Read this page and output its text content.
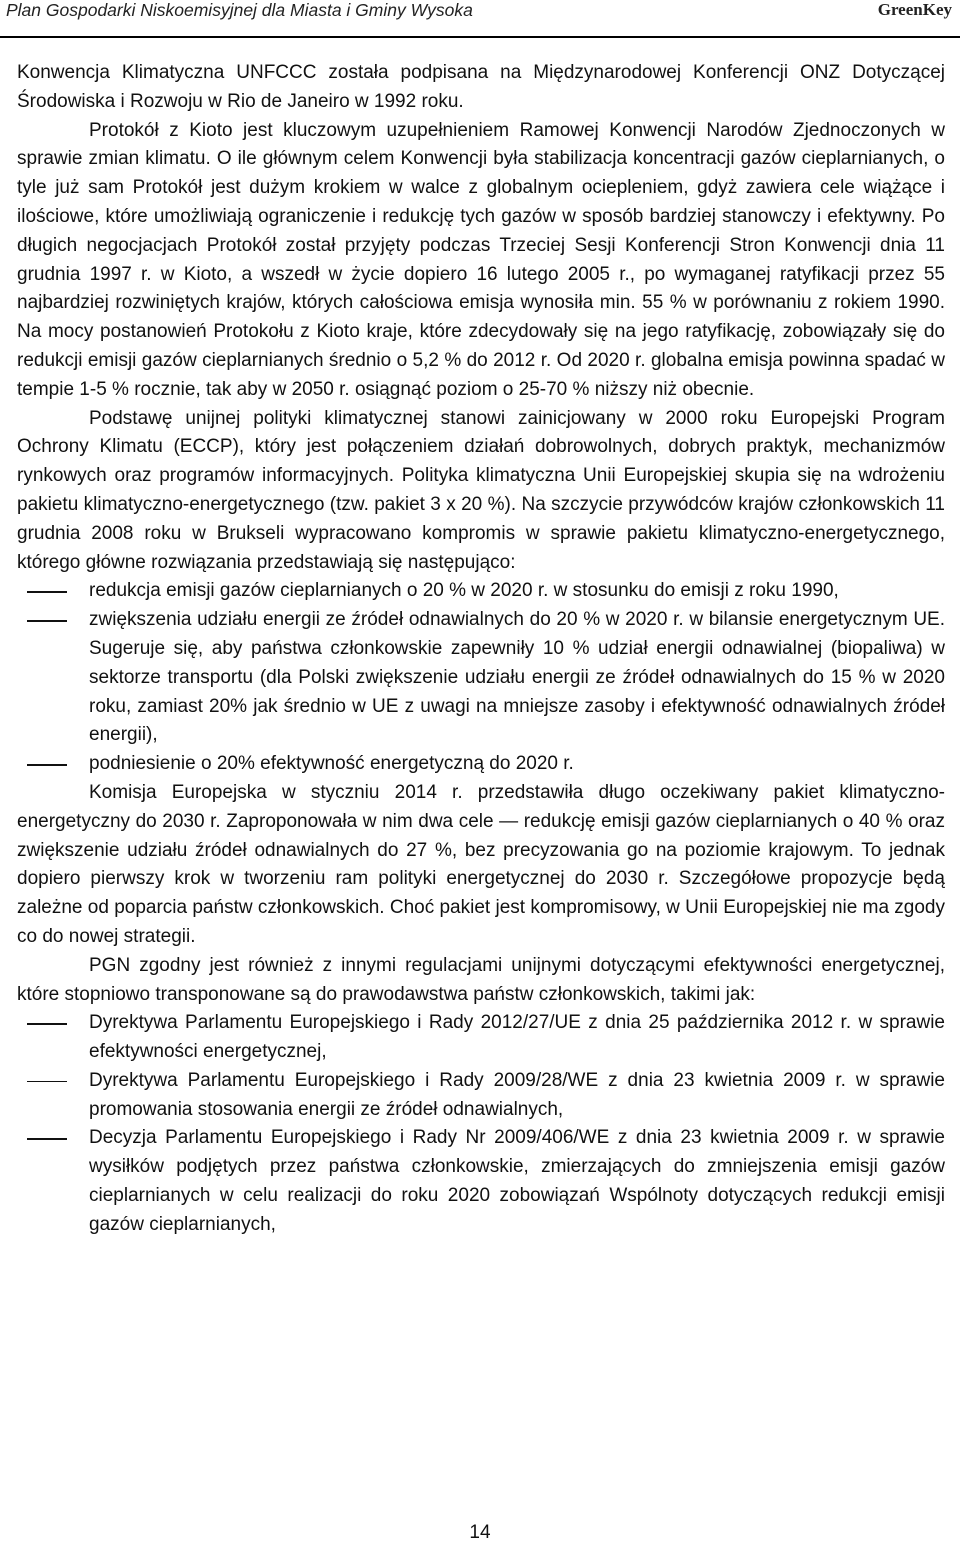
Plan Gospodarki Niskoemisyjnej dla Miasta i Gminy Wysoka	GreenKey

Konwencja Klimatyczna UNFCCC została podpisana na Międzynarodowej Konferencji ONZ Dotyczącej Środowiska i Rozwoju w Rio de Janeiro w 1992 roku.

Protokół z Kioto jest kluczowym uzupełnieniem Ramowej Konwencji Narodów Zjednoczonych w sprawie zmian klimatu. O ile głównym celem Konwencji była stabilizacja koncentracji gazów cieplarnianych, o tyle już sam Protokół jest dużym krokiem w walce z globalnym ociepleniem, gdyż zawiera cele wiążące i ilościowe, które umożliwiają ograniczenie i redukcję tych gazów w sposób bardziej stanowczy i efektywny. Po długich negocjacjach Protokół został przyjęty podczas Trzeciej Sesji Konferencji Stron Konwencji dnia 11 grudnia 1997 r. w Kioto, a wszedł w życie dopiero 16 lutego 2005 r., po wymaganej ratyfikacji przez 55 najbardziej rozwiniętych krajów, których całościowa emisja wynosiła min. 55 % w porównaniu z rokiem 1990. Na mocy postanowień Protokołu z Kioto kraje, które zdecydowały się na jego ratyfikację, zobowiązały się do redukcji emisji gazów cieplarnianych średnio o 5,2 % do 2012 r. Od 2020 r. globalna emisja powinna spadać w tempie 1-5 % rocznie, tak aby w 2050 r. osiągnąć poziom o 25-70 % niższy niż obecnie.

Podstawę unijnej polityki klimatycznej stanowi zainicjowany w 2000 roku Europejski Program Ochrony Klimatu (ECCP), który jest połączeniem działań dobrowolnych, dobrych praktyk, mechanizmów rynkowych oraz programów informacyjnych. Polityka klimatyczna Unii Europejskiej skupia się na wdrożeniu pakietu klimatyczno-energetycznego (tzw. pakiet 3 x 20 %). Na szczycie przywódców krajów członkowskich 11 grudnia 2008 roku w Brukseli wypracowano kompromis w sprawie pakietu klimatyczno-energetycznego, którego główne rozwiązania przedstawiają się następująco:

redukcja emisji gazów cieplarnianych o 20 % w 2020 r. w stosunku do emisji z roku 1990,
zwiększenia udziału energii ze źródeł odnawialnych do 20 % w 2020 r. w bilansie energetycznym UE. Sugeruje się, aby państwa członkowskie zapewniły 10 % udział energii odnawialnej (biopaliwa) w sektorze transportu (dla Polski zwiększenie udziału energii ze źródeł odnawialnych do 15 % w 2020 roku, zamiast 20% jak średnio w UE z uwagi na mniejsze zasoby i efektywność odnawialnych źródeł energii),
podniesienie o 20% efektywność energetyczną do 2020 r.

Komisja Europejska w styczniu 2014 r. przedstawiła długo oczekiwany pakiet klimatyczno-energetyczny do 2030 r. Zaproponowała w nim dwa cele — redukcję emisji gazów cieplarnianych o 40 % oraz zwiększenie udziału źródeł odnawialnych do 27 %, bez precyzowania go na poziomie krajowym. To jednak dopiero pierwszy krok w tworzeniu ram polityki energetycznej do 2030 r. Szczegółowe propozycje będą zależne od poparcia państw członkowskich. Choć pakiet jest kompromisowy, w Unii Europejskiej nie ma zgody co do nowej strategii.

PGN zgodny jest również z innymi regulacjami unijnymi dotyczącymi efektywności energetycznej, które stopniowo transponowane są do prawodawstwa państw członkowskich, takimi jak:

Dyrektywa Parlamentu Europejskiego i Rady 2012/27/UE z dnia 25 października 2012 r. w sprawie efektywności energetycznej,
Dyrektywa Parlamentu Europejskiego i Rady 2009/28/WE z dnia 23 kwietnia 2009 r. w sprawie promowania stosowania energii ze źródeł odnawialnych,
Decyzja Parlamentu Europejskiego i Rady Nr 2009/406/WE z dnia 23 kwietnia 2009 r. w sprawie wysiłków podjętych przez państwa członkowskie, zmierzających do zmniejszenia emisji gazów cieplarnianych w celu realizacji do roku 2020 zobowiązań Wspólnoty dotyczących redukcji emisji gazów cieplarnianych,
14
